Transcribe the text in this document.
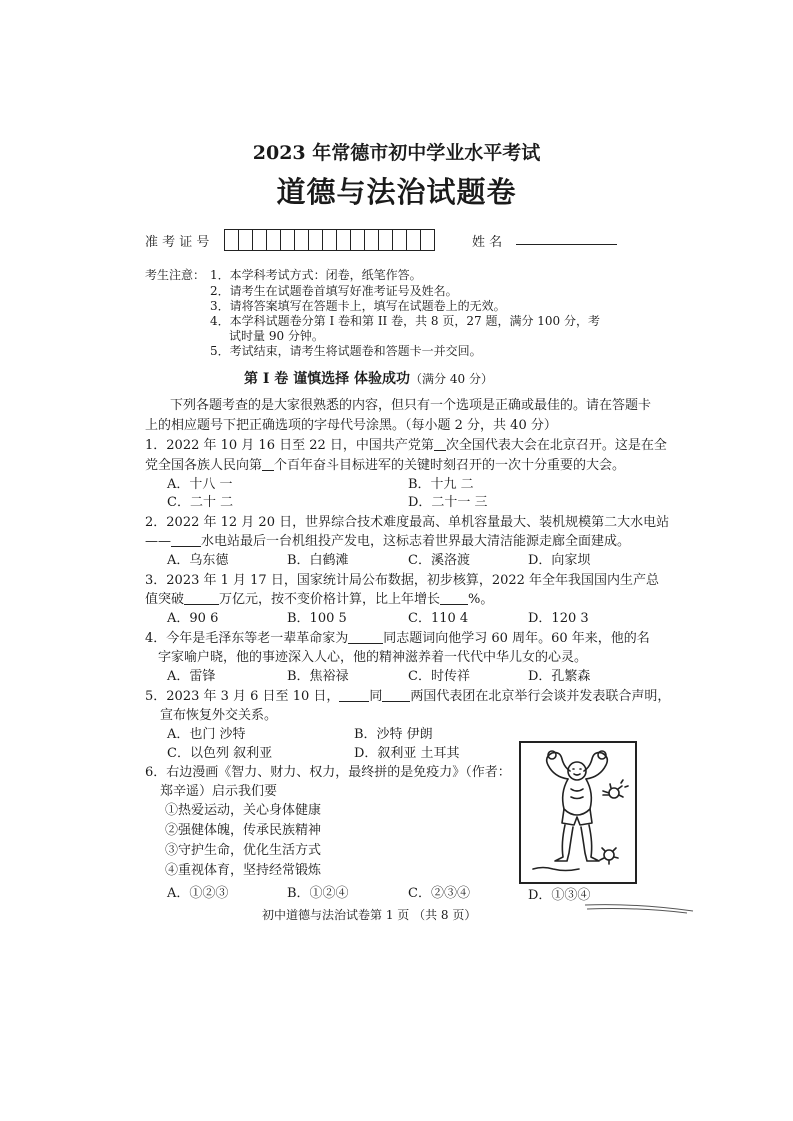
2023 年常德市初中学业水平考试
道德与法治试题卷
准 考 证 号	姓 名
考生注意： 1．本学科考试方式：闭卷，纸笔作答。
2．请考生在试题卷首填写好准考证号及姓名。
3．请将答案填写在答题卡上，填写在试题卷上的无效。
4．本学科试题卷分第 I 卷和第 II 卷，共 8 页，27 题，满分 100 分，考
试时量 90 分钟。
5．考试结束，请考生将试题卷和答题卡一并交回。
第 I 卷 谨慎选择 体验成功（满分 40 分）
下列各题考查的是大家很熟悉的内容，但只有一个选项是正确或最佳的。请在答题卡
上的相应题号下把正确选项的字母代号涂黑。（每小题 2 分，共 40 分）
1．2022 年 10 月 16 日至 22 日，中国共产党第 次全国代表大会在北京召开。这是在全
党全国各族人民向第 个百年奋斗目标进军的关键时刻召开的一次十分重要的大会。
A．十八 一	B．十九 二
C．二十 二	D．二十一 三
2．2022 年 12 月 20 日，世界综合技术难度最高、单机容量最大、装机规模第二大水电站
—— 水电站最后一台机组投产发电，这标志着世界最大清洁能源走廊全面建成。
A．乌东德	B．白鹤滩	C．溪洛渡	D．向家坝
3．2023 年 1 月 17 日，国家统计局公布数据，初步核算，2022 年全年我国国内生产总
值突破	万亿元，按不变价格计算，比上年增长 %。
A．90 6	B．100 5	C．110 4	D．120 3
4．今年是毛泽东等老一辈革命家为	同志题词向他学习 60 周年。60 年来，他的名
字家喻户晓，他的事迹深入人心，他的精神滋养着一代代中华儿女的心灵。
A．雷锋	B．焦裕禄	C．时传祥	D．孔繁森
5．2023 年 3 月 6 日至 10 日， 同 两国代表团在北京举行会谈并发表联合声明，
宣布恢复外交关系。
A．也门 沙特	B．沙特 伊朗
C．以色列 叙利亚	D．叙利亚 土耳其
6．右边漫画《智力、财力、权力，最终拼的是免疫力》（作者：
郑辛遥）启示我们要
①热爱运动，关心身体健康
②强健体魄，传承民族精神
③守护生命，优化生活方式
④重视体育，坚持经常锻炼
A．①②③	B．①②④	C．②③④	D．①③④
初中道德与法治试卷第 1 页 （共 8 页）
